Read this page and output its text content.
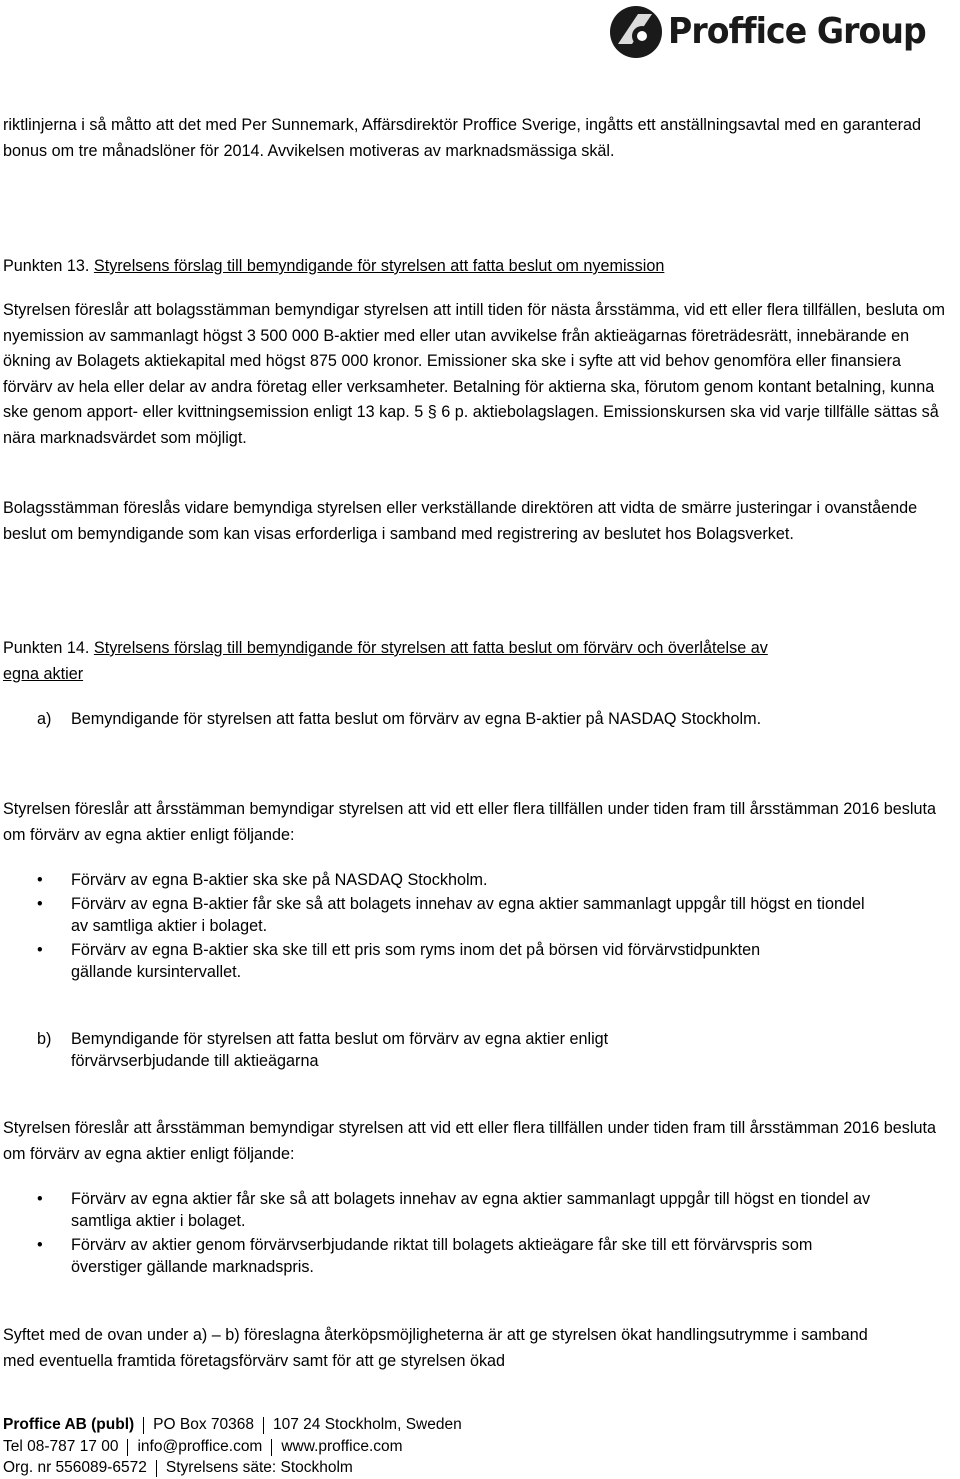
Proffice Group

riktlinjerna i så måtto att det med Per Sunnemark, Affärsdirektör Proffice Sverige, ingåtts ett anställningsavtal med en garanterad bonus om tre månadslöner för 2014. Avvikelsen motiveras av marknadsmässiga skäl.

Punkten 13. Styrelsens förslag till bemyndigande för styrelsen att fatta beslut om nyemission

Styrelsen föreslår att bolagsstämman bemyndigar styrelsen att intill tiden för nästa årsstämma, vid ett eller flera tillfällen, besluta om nyemission av sammanlagt högst 3 500 000 B-aktier med eller utan avvikelse från aktieägarnas företrädesrätt, innebärande en ökning av Bolagets aktiekapital med högst 875 000 kronor. Emissioner ska ske i syfte att vid behov genomföra eller finansiera förvärv av hela eller delar av andra företag eller verksamheter. Betalning för aktierna ska, förutom genom kontant betalning, kunna ske genom apport- eller kvittningsemission enligt 13 kap. 5 § 6 p. aktiebolagslagen. Emissionskursen ska vid varje tillfälle sättas så nära marknadsvärdet som möjligt.

Bolagsstämman föreslås vidare bemyndiga styrelsen eller verkställande direktören att vidta de smärre justeringar i ovanstående beslut om bemyndigande som kan visas erforderliga i samband med registrering av beslutet hos Bolagsverket.

Punkten 14. Styrelsens förslag till bemyndigande för styrelsen att fatta beslut om förvärv och överlåtelse av egna aktier

a) Bemyndigande för styrelsen att fatta beslut om förvärv av egna B-aktier på NASDAQ Stockholm.

Styrelsen föreslår att årsstämman bemyndigar styrelsen att vid ett eller flera tillfällen under tiden fram till årsstämman 2016 besluta om förvärv av egna aktier enligt följande:

• Förvärv av egna B-aktier ska ske på NASDAQ Stockholm.
• Förvärv av egna B-aktier får ske så att bolagets innehav av egna aktier sammanlagt uppgår till högst en tiondel av samtliga aktier i bolaget.
• Förvärv av egna B-aktier ska ske till ett pris som ryms inom det på börsen vid förvärvstidpunkten gällande kursintervallet.
b) Bemyndigande för styrelsen att fatta beslut om förvärv av egna aktier enligt förvärvserbjudande till aktieägarna

Styrelsen föreslår att årsstämman bemyndigar styrelsen att vid ett eller flera tillfällen under tiden fram till årsstämman 2016 besluta om förvärv av egna aktier enligt följande:

• Förvärv av egna aktier får ske så att bolagets innehav av egna aktier sammanlagt uppgår till högst en tiondel av samtliga aktier i bolaget.
• Förvärv av aktier genom förvärvserbjudande riktat till bolagets aktieägare får ske till ett förvärvspris som överstiger gällande marknadspris.

Syftet med de ovan under a) – b) föreslagna återköpsmöjligheterna är att ge styrelsen ökat handlingsutrymme i samband med eventuella framtida företagsförvärv samt för att ge styrelsen ökad

Proffice AB (publ) PO Box 70368 107 24 Stockholm, Sweden
Tel 08-787 17 00 info@proffice.com www.proffice.com
Org. nr 556089-6572 Styrelsens säte: Stockholm
